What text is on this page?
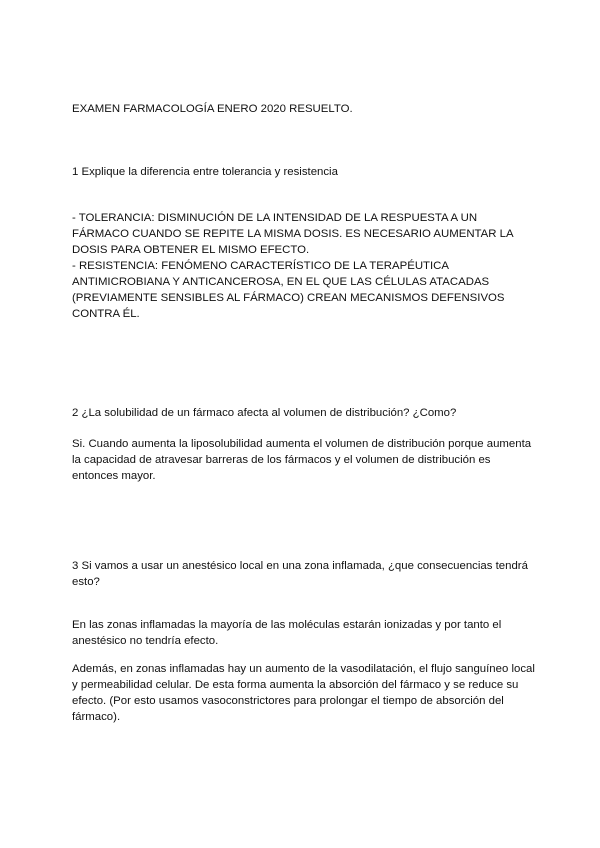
EXAMEN FARMACOLOGÍA ENERO 2020 RESUELTO.

1 Explique la diferencia entre tolerancia y resistencia

- TOLERANCIA: DISMINUCIÓN DE LA INTENSIDAD DE LA RESPUESTA A UN

FÁRMACO CUANDO SE REPITE LA MISMA DOSIS. ES NECESARIO AUMENTAR LA

DOSIS PARA OBTENER EL MISMO EFECTO.

- RESISTENCIA: FENÓMENO CARACTERÍSTICO DE LA TERAPÉUTICA

ANTIMICROBIANA Y ANTICANCEROSA, EN EL QUE LAS CÉLULAS ATACADAS

(PREVIAMENTE SENSIBLES AL FÁRMACO) CREAN MECANISMOS DEFENSIVOS

CONTRA ÉL.

2 ¿La solubilidad de un fármaco afecta al volumen de distribución? ¿Como?

Si. Cuando aumenta la liposolubilidad aumenta el volumen de distribución porque aumenta

la capacidad de atravesar barreras de los fármacos y el volumen de distribución es

entonces mayor.

3 Si vamos a usar un anestésico local en una zona inflamada, ¿que consecuencias tendrá

esto?

En las zonas inflamadas la mayoría de las moléculas estarán ionizadas y por tanto el

anestésico no tendría efecto.

Además, en zonas inflamadas hay un aumento de la vasodilatación, el flujo sanguíneo local

y permeabilidad celular. De esta forma aumenta la absorción del fármaco y se reduce su

efecto. (Por esto usamos vasoconstrictores para prolongar el tiempo de absorción del

fármaco).
